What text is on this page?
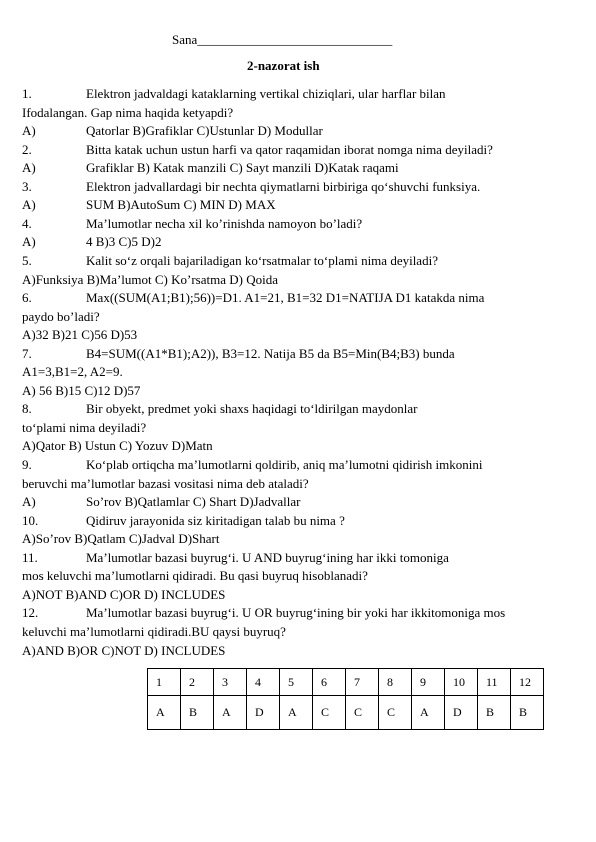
Sana______________________________
2-nazorat ish
1.	Elektron jadvaldagi kataklarning vertikal chiziqlari, ular harflar bilan
Ifodalangan. Gap nima haqida ketyapdi?
A)	Qatorlar B)Grafiklar C)Ustunlar D) Modullar
2.	Bitta katak uchun ustun harfi va qator raqamidan iborat nomga nima deyiladi?
A)	Grafiklar B) Katak manzili C) Sayt manzili D)Katak raqami
3.	Elektron jadvallardagi bir nechta qiymatlarni birbiriga qo‘shuvchi funksiya.
A)	SUM B)AutoSum C) MIN D) MAX
4.	Ma’lumotlar necha xil ko’rinishda namoyon bo’ladi?
A)	4 B)3 C)5 D)2
5.	Kalit so‘z orqali bajariladigan ko‘rsatmalar to‘plami nima deyiladi?
A)Funksiya B)Ma’lumot C) Ko’rsatma D) Qoida
6.	Max((SUM(A1;B1);56))=D1. A1=21, B1=32 D1=NATIJA D1 katakda nima
paydo bo’ladi?
A)32 B)21 C)56 D)53
7.	B4=SUM((A1*B1);A2)), B3=12. Natija B5 da B5=Min(B4;B3) bunda
A1=3,B1=2, A2=9.
A) 56 B)15 C)12 D)57
8.	Bir obyekt, predmet yoki shaxs haqidagi to‘ldirilgan maydonlar
to‘plami nima deyiladi?
A)Qator B) Ustun C) Yozuv D)Matn
9.	Ko‘plab ortiqcha ma’lumotlarni qoldirib, aniq ma’lumotni qidirish imkonini
beruvchi ma’lumotlar bazasi vositasi nima deb ataladi?
A)	So’rov B)Qatlamlar C) Shart D)Jadvallar
10.	Qidiruv jarayonida siz kiritadigan talab bu nima ?
A)So’rov B)Qatlam C)Jadval D)Shart
11.	Ma’lumotlar bazasi buyrug‘i. U AND buyrug‘ining har ikki tomoniga
mos keluvchi ma’lumotlarni qidiradi. Bu qasi buyruq hisoblanadi?
A)NOT B)AND C)OR D) INCLUDES
12.	Ma’lumotlar bazasi buyrug‘i. U OR buyrug‘ining bir yoki har ikkitomoniga mos
keluvchi ma’lumotlarni qidiradi.BU qaysi buyruq?
A)AND B)OR C)NOT D) INCLUDES
1	2	3	4	5	6	7	8	9	10	11	12
A	B	A	D	A	C	C	C	A	D	B	B
